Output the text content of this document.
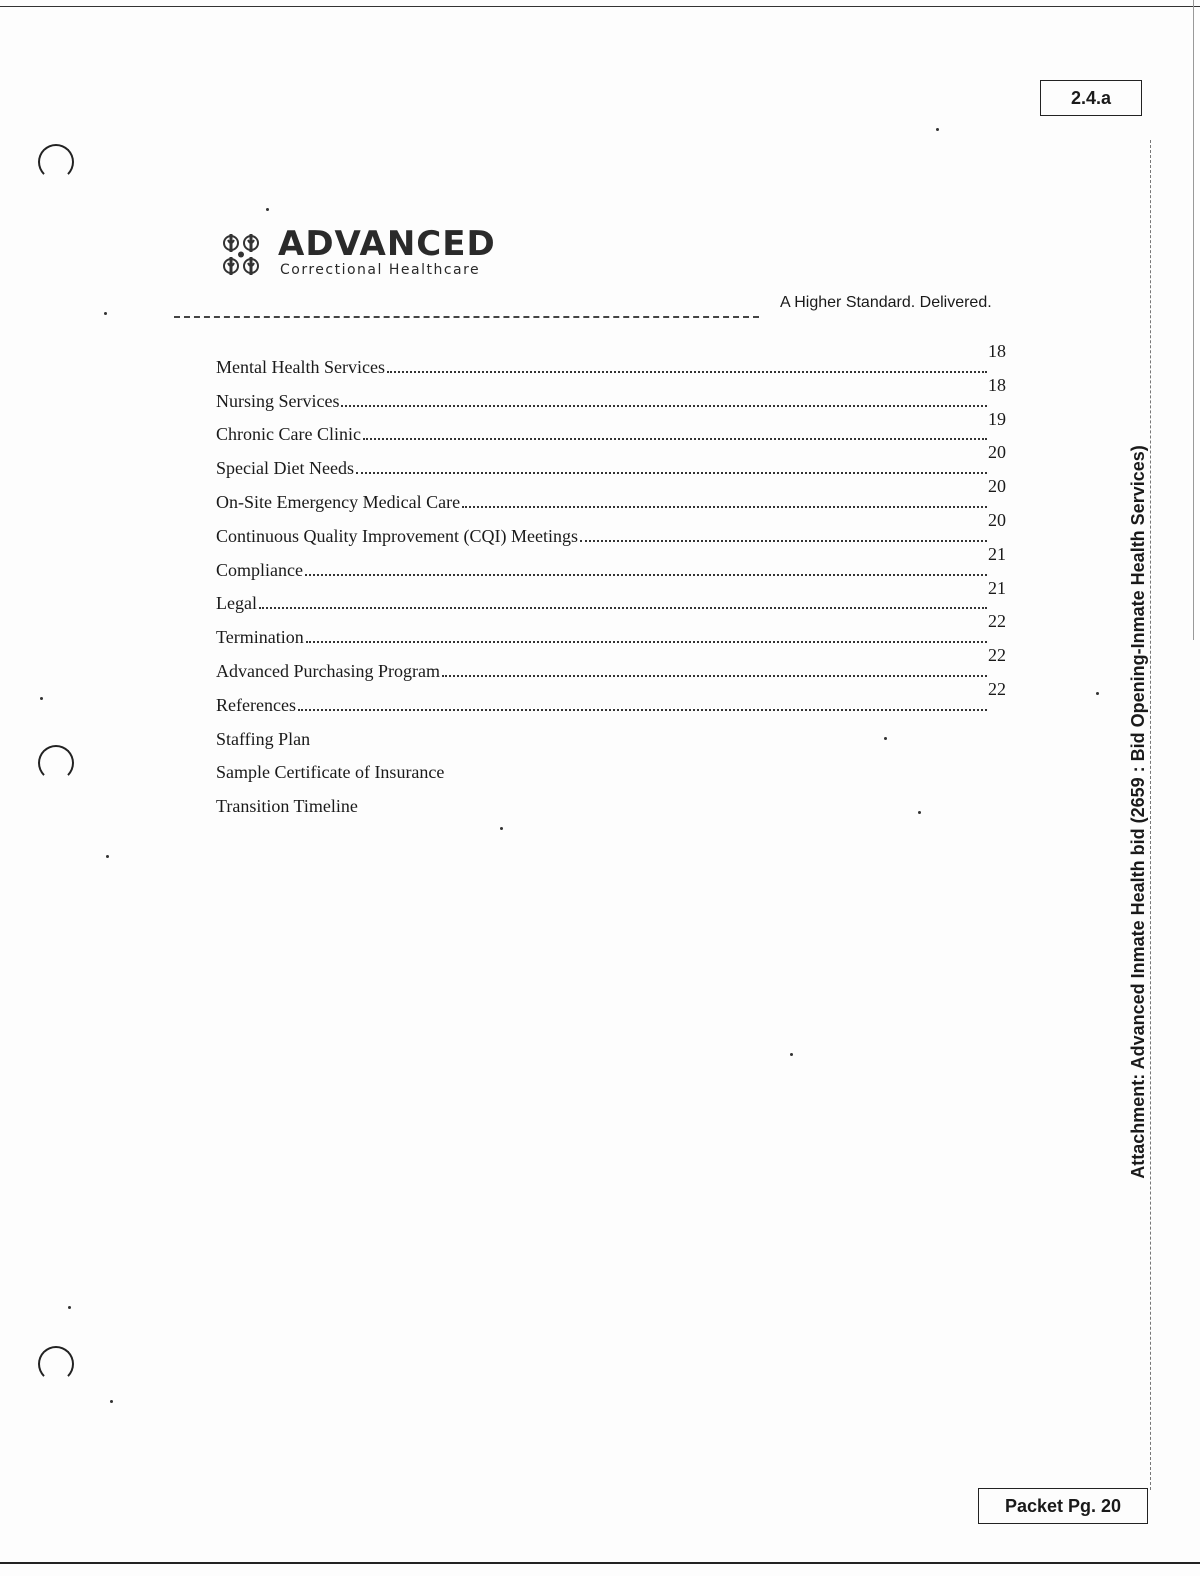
2.4.a
ADVANCED
Correctional Healthcare
A Higher Standard. Delivered.
Mental Health Services
18
Nursing Services
18
Chronic Care Clinic
19
Special Diet Needs
20
On-Site Emergency Medical Care
20
Continuous Quality Improvement (CQI) Meetings
20
Compliance
21
Legal
21
Termination
22
Advanced Purchasing Program
22
References
22
Staffing Plan
Sample Certificate of Insurance
Transition Timeline	Attachment: Advanced Inmate Health bid (2659 : Bid Opening-Inmate Health Services)
Packet Pg. 20
